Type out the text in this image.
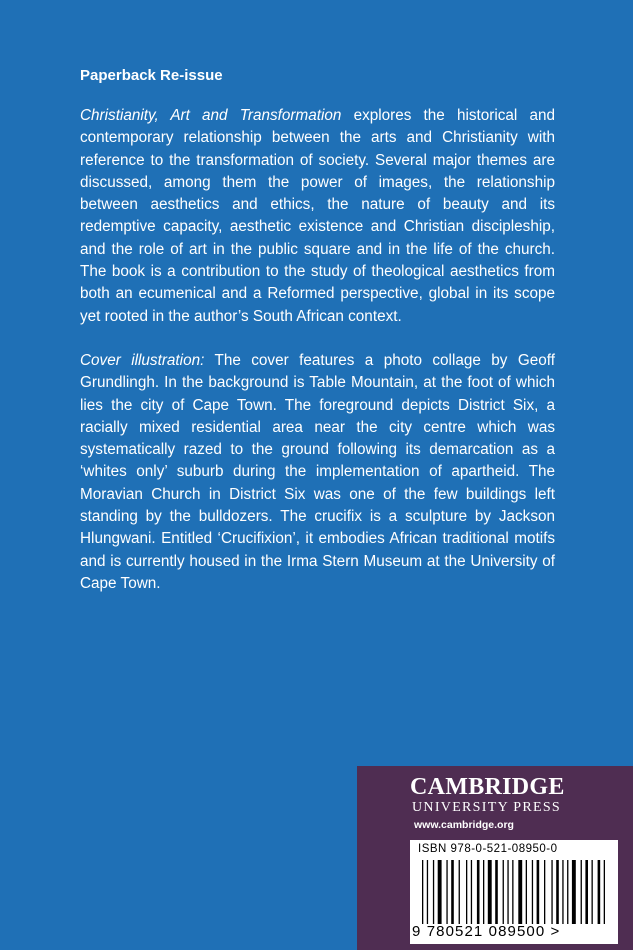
Paperback Re-issue

Christianity, Art and Transformation explores the historical and contemporary relationship between the arts and Christianity with reference to the transformation of society. Several major themes are discussed, among them the power of images, the relationship between aesthetics and ethics, the nature of beauty and its redemptive capacity, aesthetic existence and Christian discipleship, and the role of art in the public square and in the life of the church. The book is a contribution to the study of theological aesthetics from both an ecumenical and a Reformed perspective, global in its scope yet rooted in the author’s South African context.

Cover illustration: The cover features a photo collage by Geoff Grundlingh. In the background is Table Mountain, at the foot of which lies the city of Cape Town. The foreground depicts District Six, a racially mixed residential area near the city centre which was systematically razed to the ground following its demarcation as a ‘whites only’ suburb during the implementation of apartheid. The Moravian Church in District Six was one of the few buildings left standing by the bulldozers. The crucifix is a sculpture by Jackson Hlungwani. Entitled ‘Crucifixion’, it embodies African traditional motifs and is currently housed in the Irma Stern Museum at the University of Cape Town.

CAMBRIDGE
UNIVERSITY PRESS
www.cambridge.org
ISBN 978-0-521-08950-0
9 780521 089500 >
